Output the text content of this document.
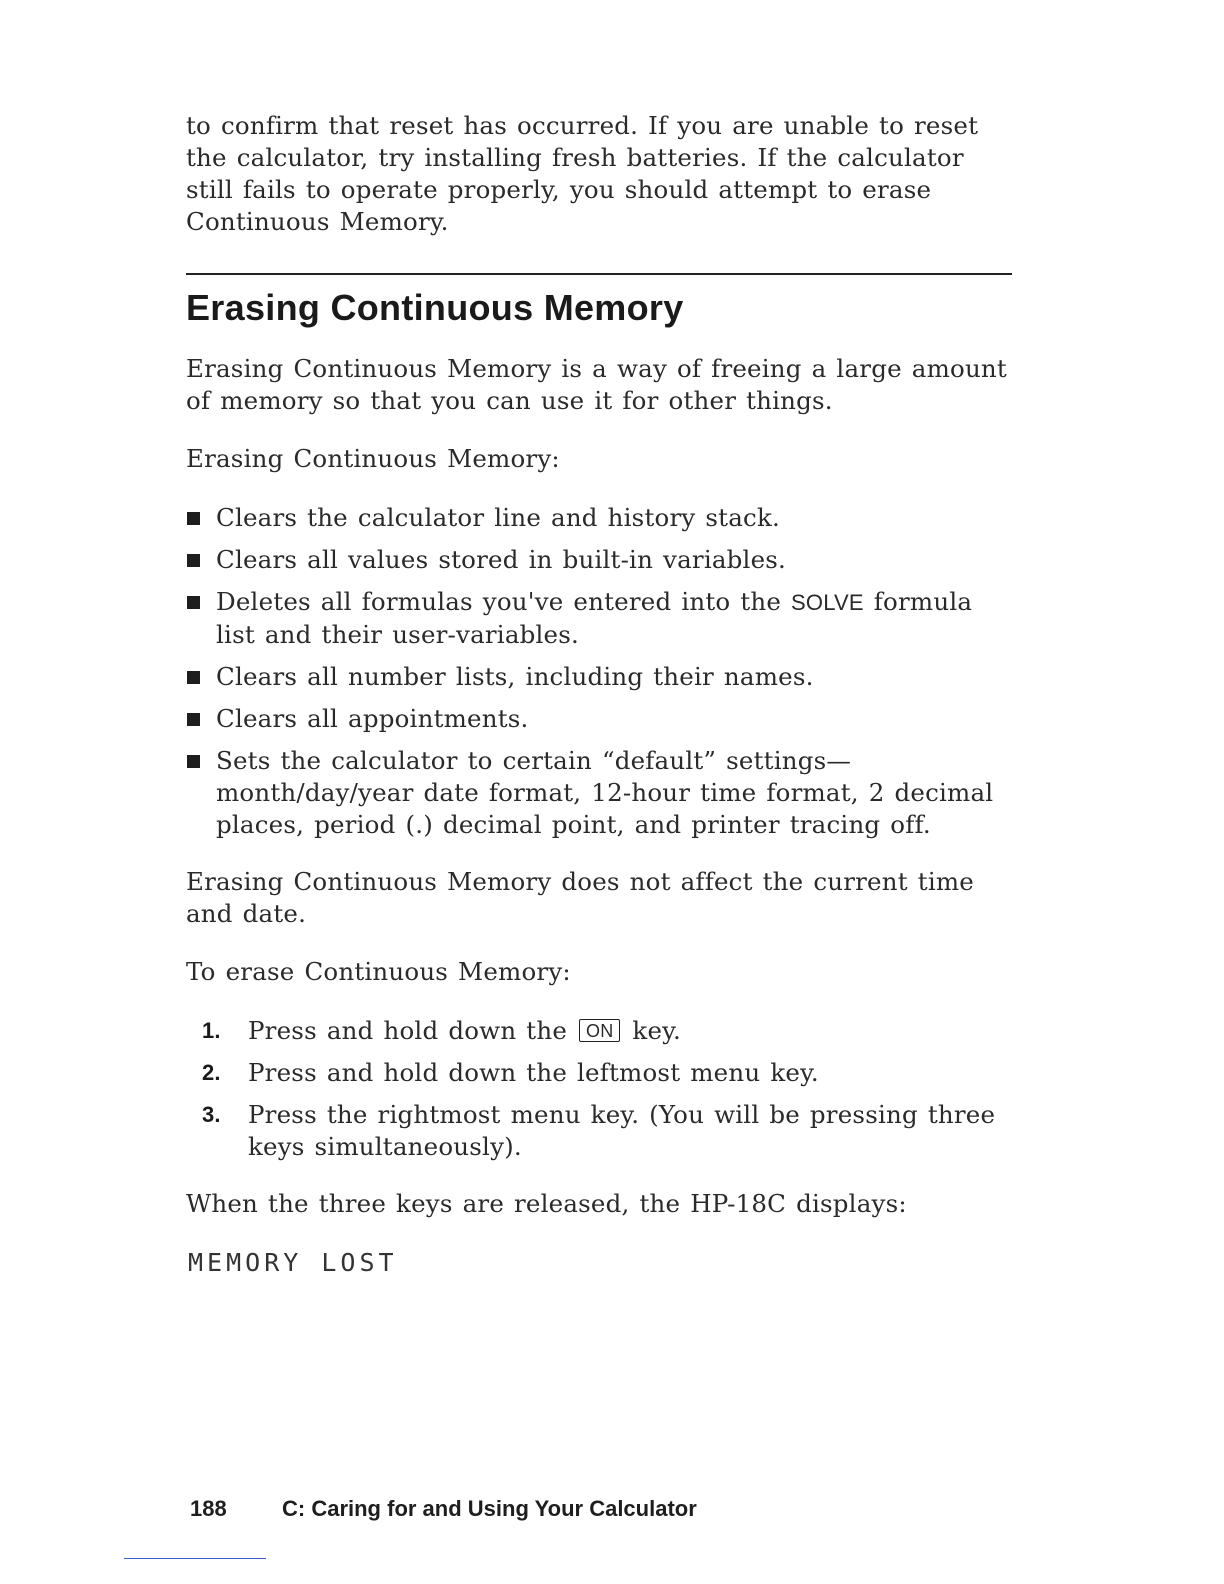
to confirm that reset has occurred. If you are unable to reset the calculator, try installing fresh batteries. If the calculator still fails to operate properly, you should attempt to erase Continuous Memory.

Erasing Continuous Memory

Erasing Continuous Memory is a way of freeing a large amount of memory so that you can use it for other things.

Erasing Continuous Memory:

Clears the calculator line and history stack.
Clears all values stored in built-in variables.
Deletes all formulas you've entered into the SOLVE formula list and their user-variables.
Clears all number lists, including their names.
Clears all appointments.
Sets the calculator to certain “default” settings—month/day/year date format, 12-hour time format, 2 decimal places, period (.) decimal point, and printer tracing off.

Erasing Continuous Memory does not affect the current time and date.

To erase Continuous Memory:

1. Press and hold down the ON key.
2. Press and hold down the leftmost menu key.
3. Press the rightmost menu key. (You will be pressing three keys simultaneously).

When the three keys are released, the HP-18C displays:

MEMORY LOST
188	C: Caring for and Using Your Calculator
